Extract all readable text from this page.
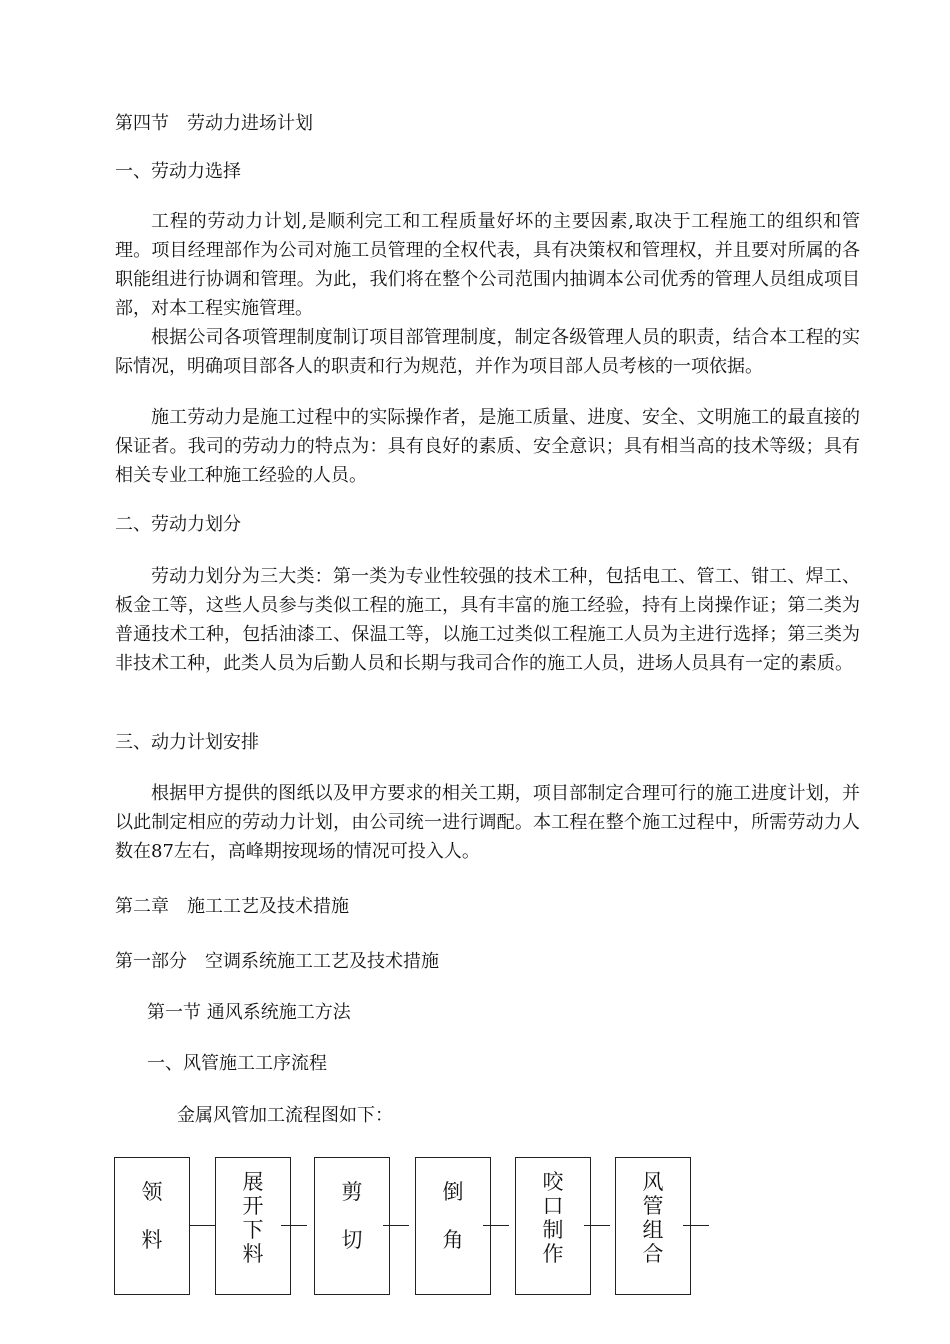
第四节　劳动力进场计划
一、劳动力选择
工程的劳动力计划,是顺利完工和工程质量好坏的主要因素,取决于工程施工的组织和管理。项目经理部作为公司对施工员管理的全权代表，具有决策权和管理权，并且要对所属的各职能组进行协调和管理。为此，我们将在整个公司范围内抽调本公司优秀的管理人员组成项目部，对本工程实施管理。
根据公司各项管理制度制订项目部管理制度，制定各级管理人员的职责，结合本工程的实际情况，明确项目部各人的职责和行为规范，并作为项目部人员考核的一项依据。
施工劳动力是施工过程中的实际操作者，是施工质量、进度、安全、文明施工的最直接的保证者。我司的劳动力的特点为：具有良好的素质、安全意识；具有相当高的技术等级；具有相关专业工种施工经验的人员。
二、劳动力划分
劳动力划分为三大类：第一类为专业性较强的技术工种，包括电工、管工、钳工、焊工、板金工等，这些人员参与类似工程的施工，具有丰富的施工经验，持有上岗操作证；第二类为普通技术工种，包括油漆工、保温工等，以施工过类似工程施工人员为主进行选择；第三类为非技术工种，此类人员为后勤人员和长期与我司合作的施工人员，进场人员具有一定的素质。
三、动力计划安排
根据甲方提供的图纸以及甲方要求的相关工期，项目部制定合理可行的施工进度计划，并以此制定相应的劳动力计划，由公司统一进行调配。本工程在整个施工过程中，所需劳动力人数在87左右，高峰期按现场的情况可投入人。
第二章　施工工艺及技术措施
第一部分　空调系统施工工艺及技术措施
第一节 通风系统施工方法
一、风管施工工序流程
金属风管加工流程图如下：
领料
展开下料
剪切
倒角
咬口制作
风管组合
